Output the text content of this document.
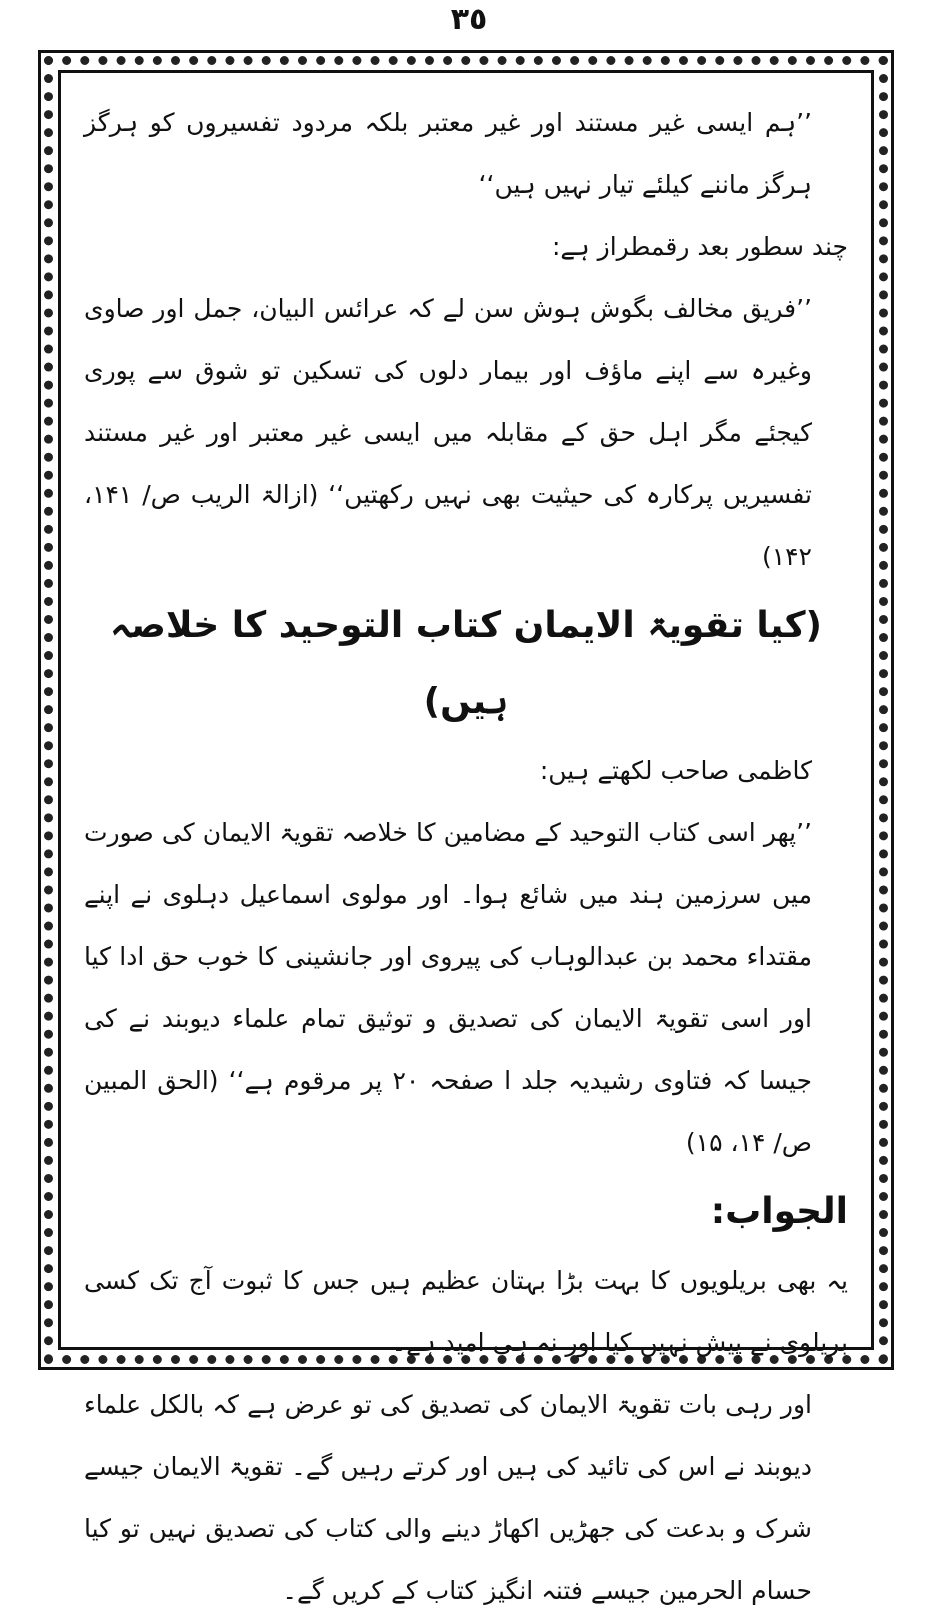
٣٥

’’ہم ایسی غیر مستند اور غیر معتبر بلکہ مردود تفسیروں کو ہرگز ہرگز ماننے کیلئے تیار نہیں ہیں‘‘

چند سطور بعد رقمطراز ہے:

’’فریق مخالف بگوش ہوش سن لے کہ عرائس البیان، جمل اور صاوی وغیرہ سے اپنے ماؤف اور بیمار دلوں کی تسکین تو شوق سے پوری کیجئے مگر اہل حق کے مقابلہ میں ایسی غیر معتبر اور غیر مستند تفسیریں پرکارہ کی حیثیت بھی نہیں رکھتیں‘‘ (ازالۃ الریب ص/ ۱۴۱، ۱۴۲)

(کیا تقویۃ الایمان کتاب التوحید کا خلاصہ ہیں)

کاظمی صاحب لکھتے ہیں:

’’پھر اسی کتاب التوحید کے مضامین کا خلاصہ تقویۃ الایمان کی صورت میں سرزمین ہند میں شائع ہوا۔ اور مولوی اسماعیل دہلوی نے اپنے مقتداء محمد بن عبدالوہاب کی پیروی اور جانشینی کا خوب حق ادا کیا اور اسی تقویۃ الایمان کی تصدیق و توثیق تمام علماء دیوبند نے کی جیسا کہ فتاوی رشیدیہ جلد ا صفحہ ۲۰ پر مرقوم ہے‘‘ (الحق المبین ص/ ۱۴، ۱۵)

الجواب:

یہ بھی بریلویوں کا بہت بڑا بہتان عظیم ہیں جس کا ثبوت آج تک کسی بریلوی نے پیش نہیں کیا اور نہ ہی امید ہے۔

اور رہی بات تقویۃ الایمان کی تصدیق کی تو عرض ہے کہ بالکل علماء دیوبند نے اس کی تائید کی ہیں اور کرتے رہیں گے۔ تقویۃ الایمان جیسے شرک و بدعت کی جھڑیں اکھاڑ دینے والی کتاب کی تصدیق نہیں تو کیا حسام الحرمین جیسے فتنہ انگیز کتاب کے کریں گے۔
